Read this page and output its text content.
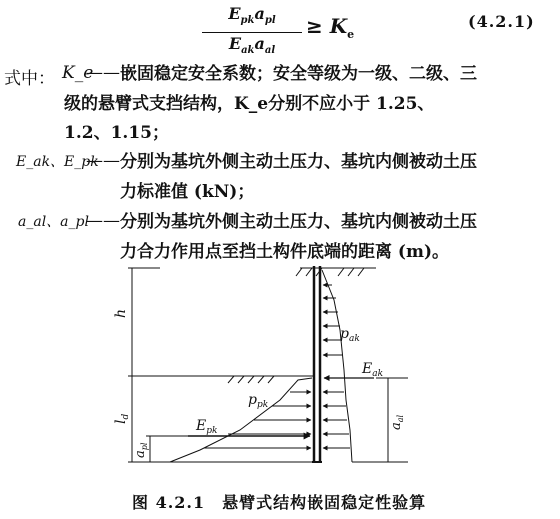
$E_{pk}a_{pl}$
$E_{ak}a_{al}$
≥ $K_e$
(4.2.1)
式中： K_e
—— 嵌固稳定安全系数；安全等级为一级、二级、三
级的悬臂式支挡结构，K_e分别不应小于 1.25、
1.2、1.15；
E_ak、E_pk
—— 分别为基坑外侧主动土压力、基坑内侧被动土压
力标准值 (kN)；
a_al、a_pl
—— 分别为基坑外侧主动土压力、基坑内侧被动土压
力合力作用点至挡土构件底端的距离 (m)。
h
$l_d$
$a_{pl}$
$a_{al}$
$p_{ak}$
$p_{pk}$
$E_{ak}$
$E_{pk}$
图 4.2.1　悬臂式结构嵌固稳定性验算
